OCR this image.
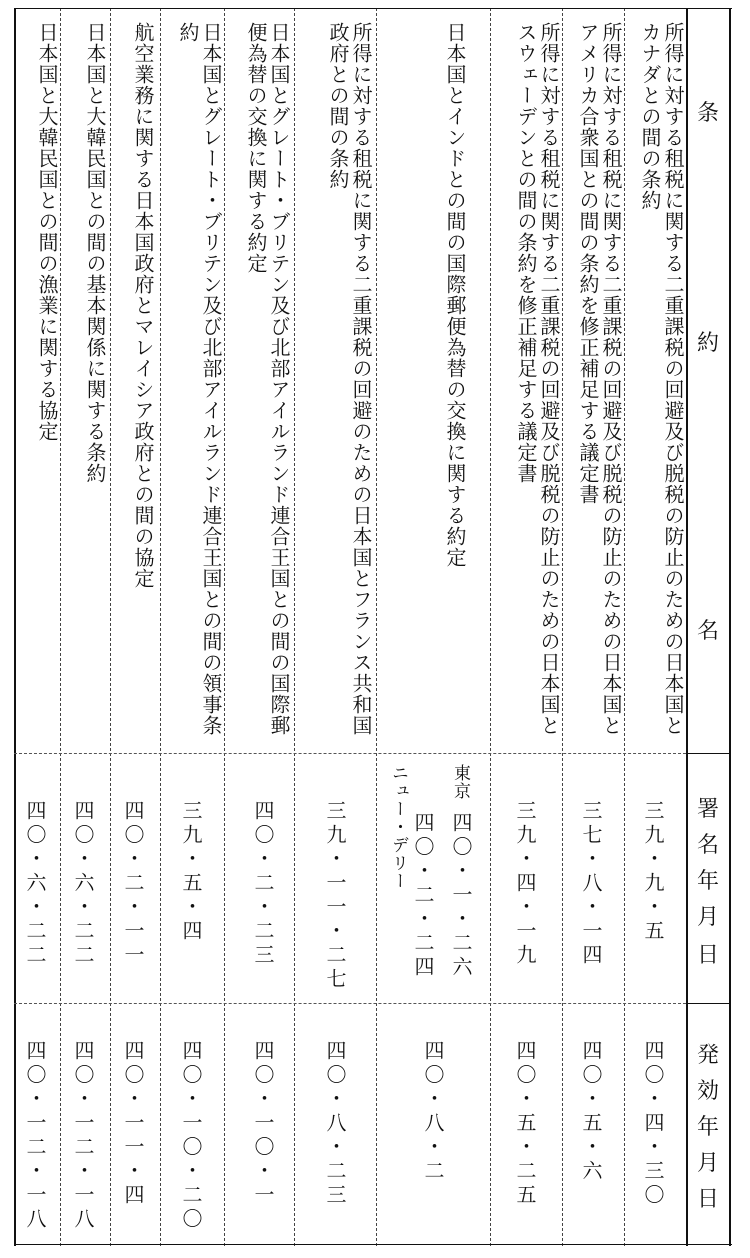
条
約
名
署
名
年
月
日
発
効
年
月
日
所得に対する租税に関する二重課税の回避及び脱税の防止のための日本国とカナダとの間の条約
三九・九・五
四〇・四・三〇
所得に対する租税に関する二重課税の回避及び脱税の防止のための日本国とアメリカ合衆国との間の条約を修正補足する議定書
三七・八・一四
四〇・五・六
所得に対する租税に関する二重課税の回避及び脱税の防止のための日本国とスウェーデンとの間の条約を修正補足する議定書
三九・四・一九
四〇・五・二五
日本国とインドとの間の国際郵便為替の交換に関する約定
東京
四〇・一・二六
ニュー・デリー 四〇・二・二四
四〇・八・二
所得に対する租税に関する二重課税の回避のための日本国とフランス共和国政府との間の条約
三九・一一・二七
四〇・八・二三
日本国とグレート・ブリテン及び北部アイルランド連合王国との間の国際郵便為替の交換に関する約定
四〇・二・二三
四〇・一〇・一
日本国とグレート・ブリテン及び北部アイルランド連合王国との間の領事条約
三九・五・四
四〇・一〇・二〇
航空業務に関する日本国政府とマレイシア政府との間の協定
四〇・二・一一
四〇・一一・四
日本国と大韓民国との間の基本関係に関する条約
四〇・六・二二
四〇・一二・一八
日本国と大韓民国との間の漁業に関する協定
四〇・六・二二
四〇・一二・一八
